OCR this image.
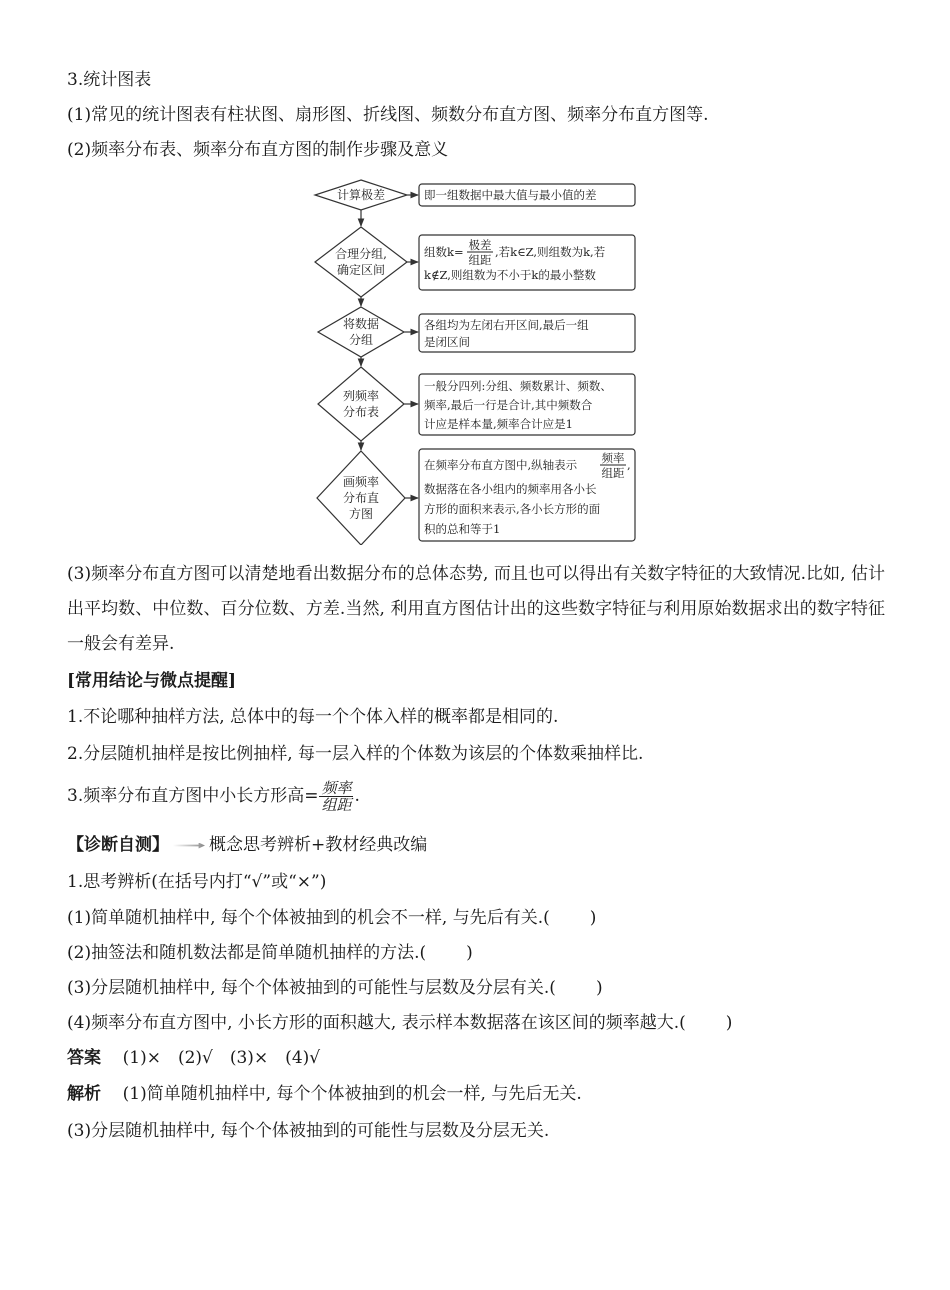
3.统计图表
(1)常见的统计图表有柱状图、扇形图、折线图、频数分布直方图、频率分布直方图等.
(2)频率分布表、频率分布直方图的制作步骤及意义
计算极差
合理分组,
确定区间
将数据
分组
列频率
分布表
画频率
分布直
方图
即一组数据中最大值与最小值的差
组数k= 极差
组距
,若k∈Z,则组数为k,若
k∉Z,则组数为不小于k的最小整数
各组均为左闭右开区间,最后一组
是闭区间
一般分四列:分组、频数累计、频数、
频率,最后一行是合计,其中频数合
计应是样本量,频率合计应是1
在频率分布直方图中,纵轴表示 频率
组距
,
数据落在各小组内的频率用各小长
方形的面积来表示,各小长方形的面
积的总和等于1
(3)频率分布直方图可以清楚地看出数据分布的总体态势, 而且也可以得出有关数字特征的大致情况.比如, 估计出平均数、中位数、百分位数、方差.当然, 利用直方图估计出的这些数字特征与利用原始数据求出的数字特征一般会有差异.
[常用结论与微点提醒]
1.不论哪种抽样方法, 总体中的每一个个体入样的概率都是相同的.
2.分层随机抽样是按比例抽样, 每一层入样的个体数为该层的个体数乘抽样比.
3.频率分布直方图中小长方形高= $\frac{\text{频率}}{\text{组距}}$ .
【诊断自测】 概念思考辨析+教材经典改编
1.思考辨析(在括号内打“√”或“×”)
(1)简单随机抽样中, 每个个体被抽到的机会不一样, 与先后有关.( )
(2)抽签法和随机数法都是简单随机抽样的方法.( )
(3)分层随机抽样中, 每个个体被抽到的可能性与层数及分层有关.( )
(4)频率分布直方图中, 小长方形的面积越大, 表示样本数据落在该区间的频率越大.( )
答案 (1)×　(2)√　(3)×　(4)√
解析 (1)简单随机抽样中, 每个个体被抽到的机会一样, 与先后无关.
(3)分层随机抽样中, 每个个体被抽到的可能性与层数及分层无关.
